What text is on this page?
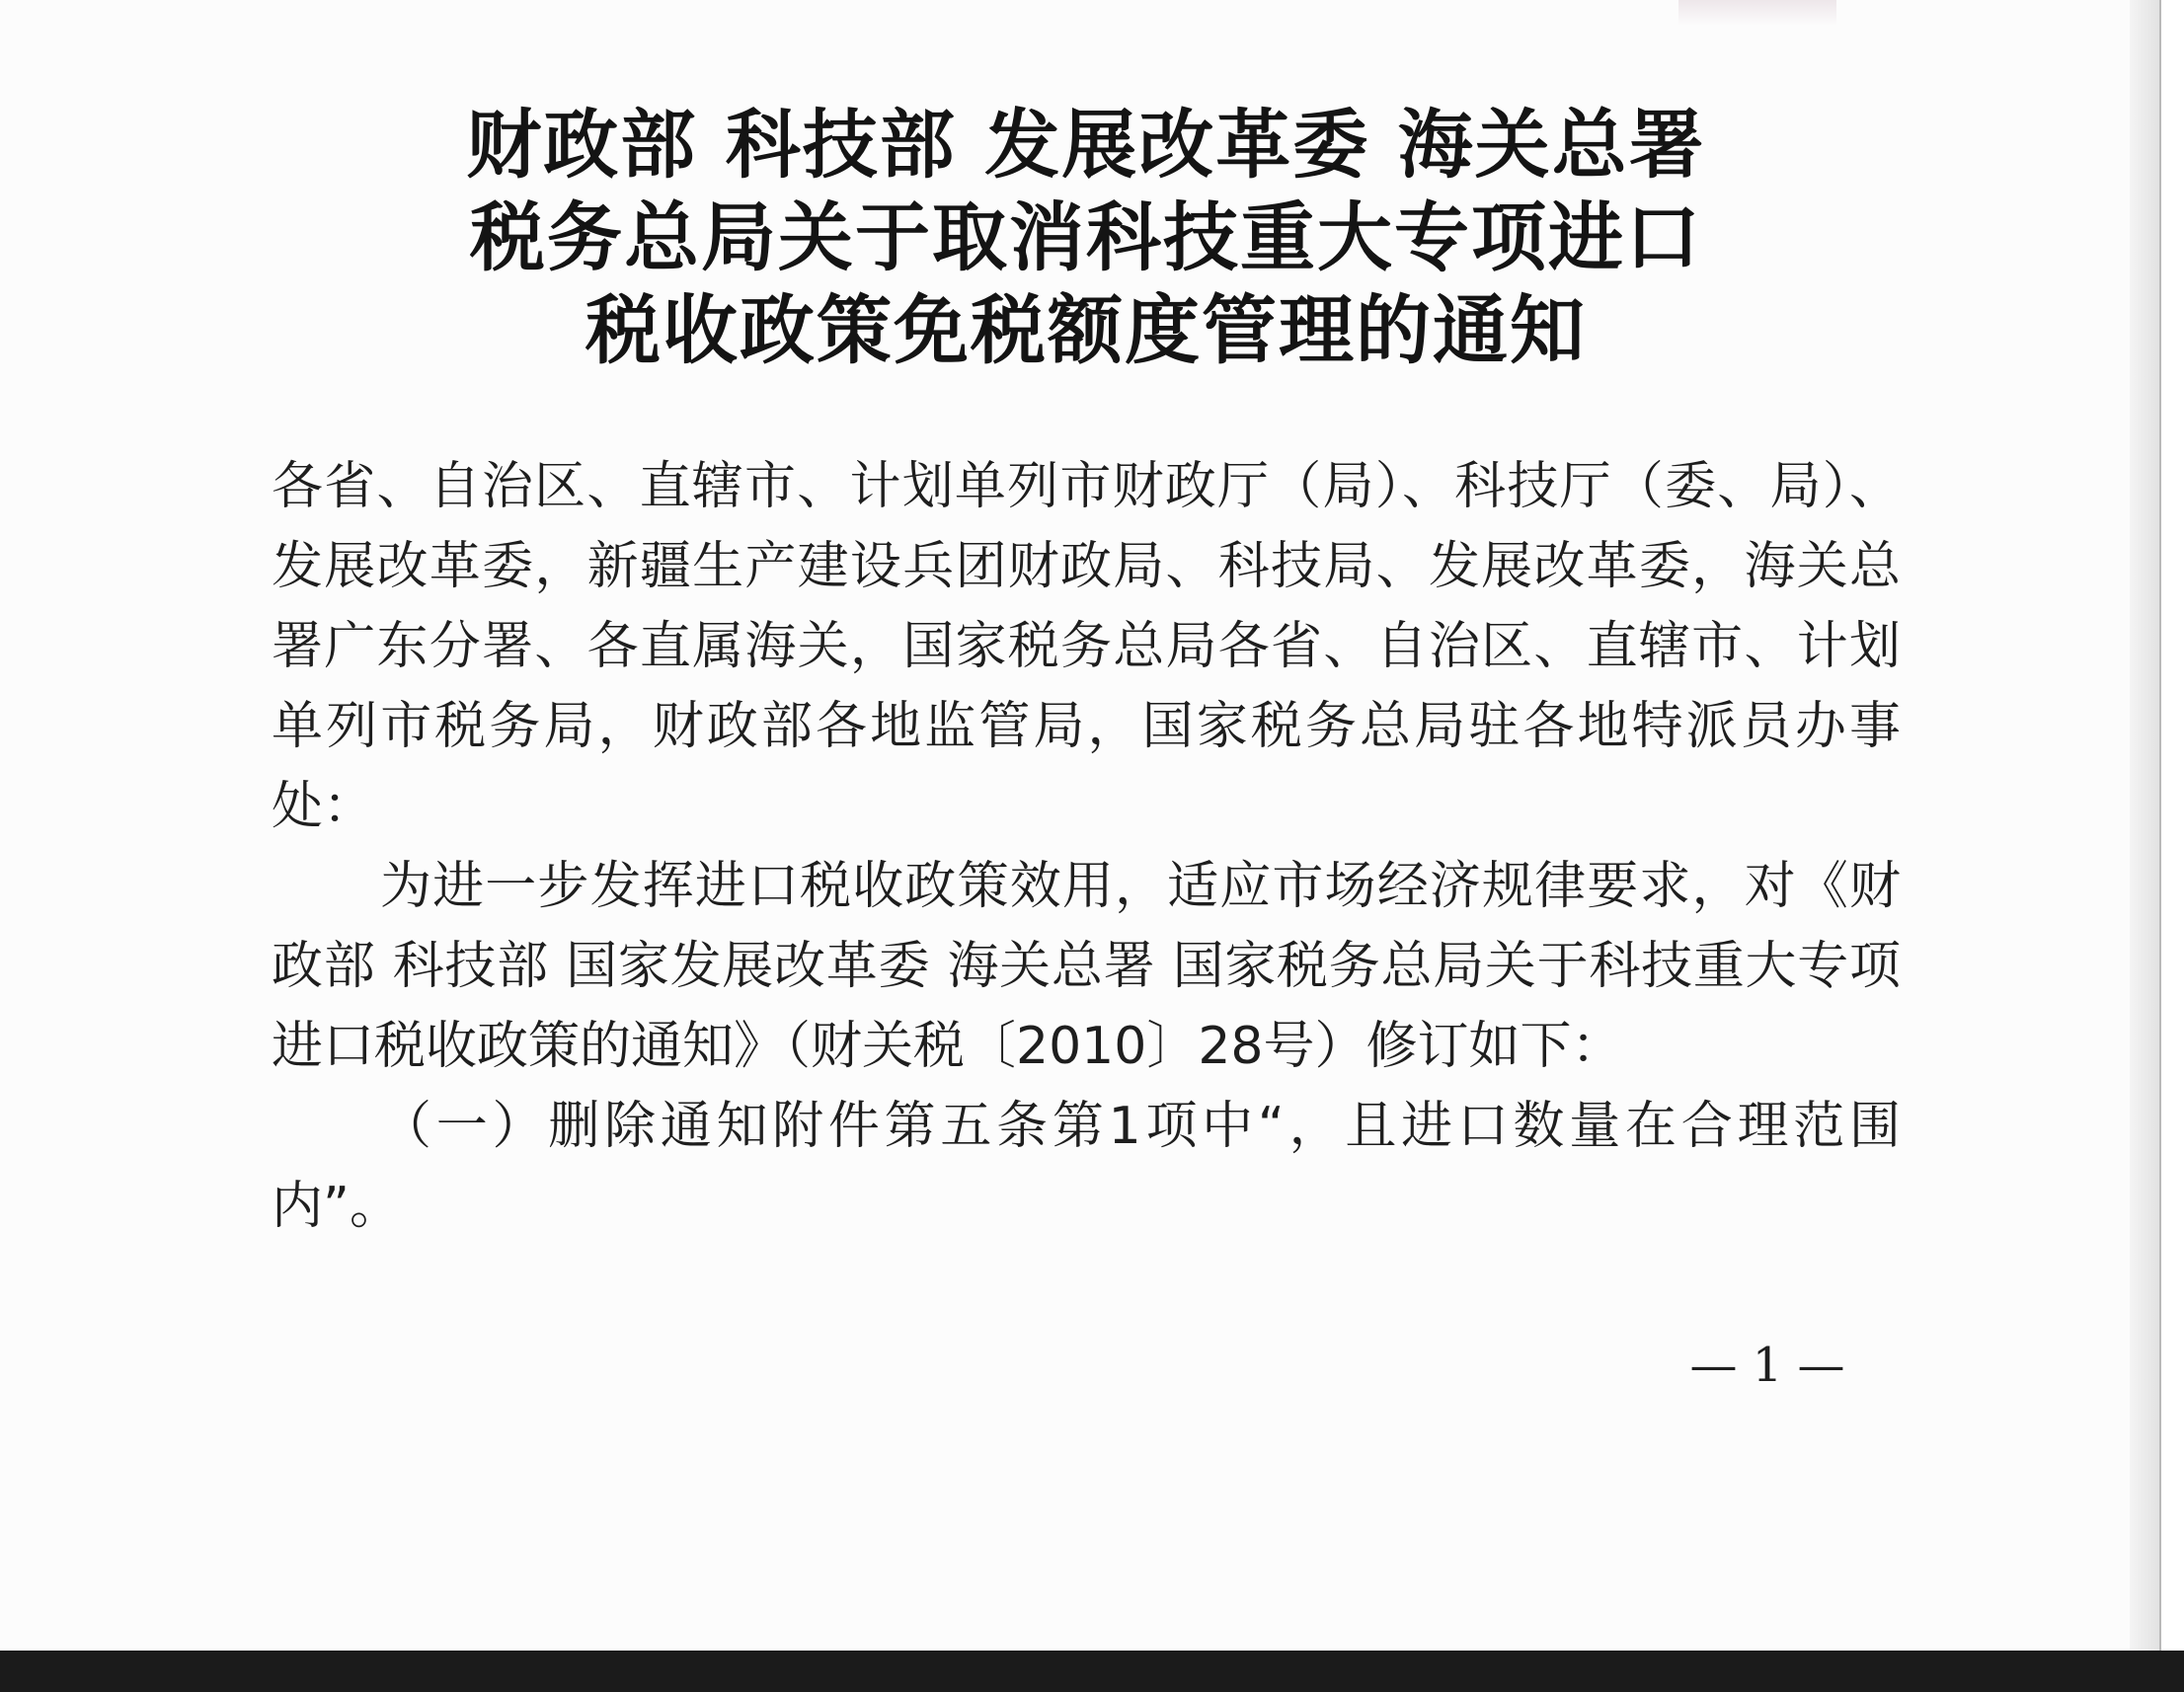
财政部 科技部 发展改革委 海关总署
税务总局关于取消科技重大专项进口
税收政策免税额度管理的通知

各省、自治区、直辖市、计划单列市财政厅（局）、科技厅（委、局）、发展改革委，新疆生产建设兵团财政局、科技局、发展改革委，海关总署广东分署、各直属海关，国家税务总局各省、自治区、直辖市、计划单列市税务局，财政部各地监管局，国家税务总局驻各地特派员办事处：

为进一步发挥进口税收政策效用，适应市场经济规律要求，对《财政部 科技部 国家发展改革委 海关总署 国家税务总局关于科技重大专项进口税收政策的通知》（财关税〔2010〕28号）修订如下：

（一）删除通知附件第五条第1项中“，且进口数量在合理范围内”。

— 1 —
